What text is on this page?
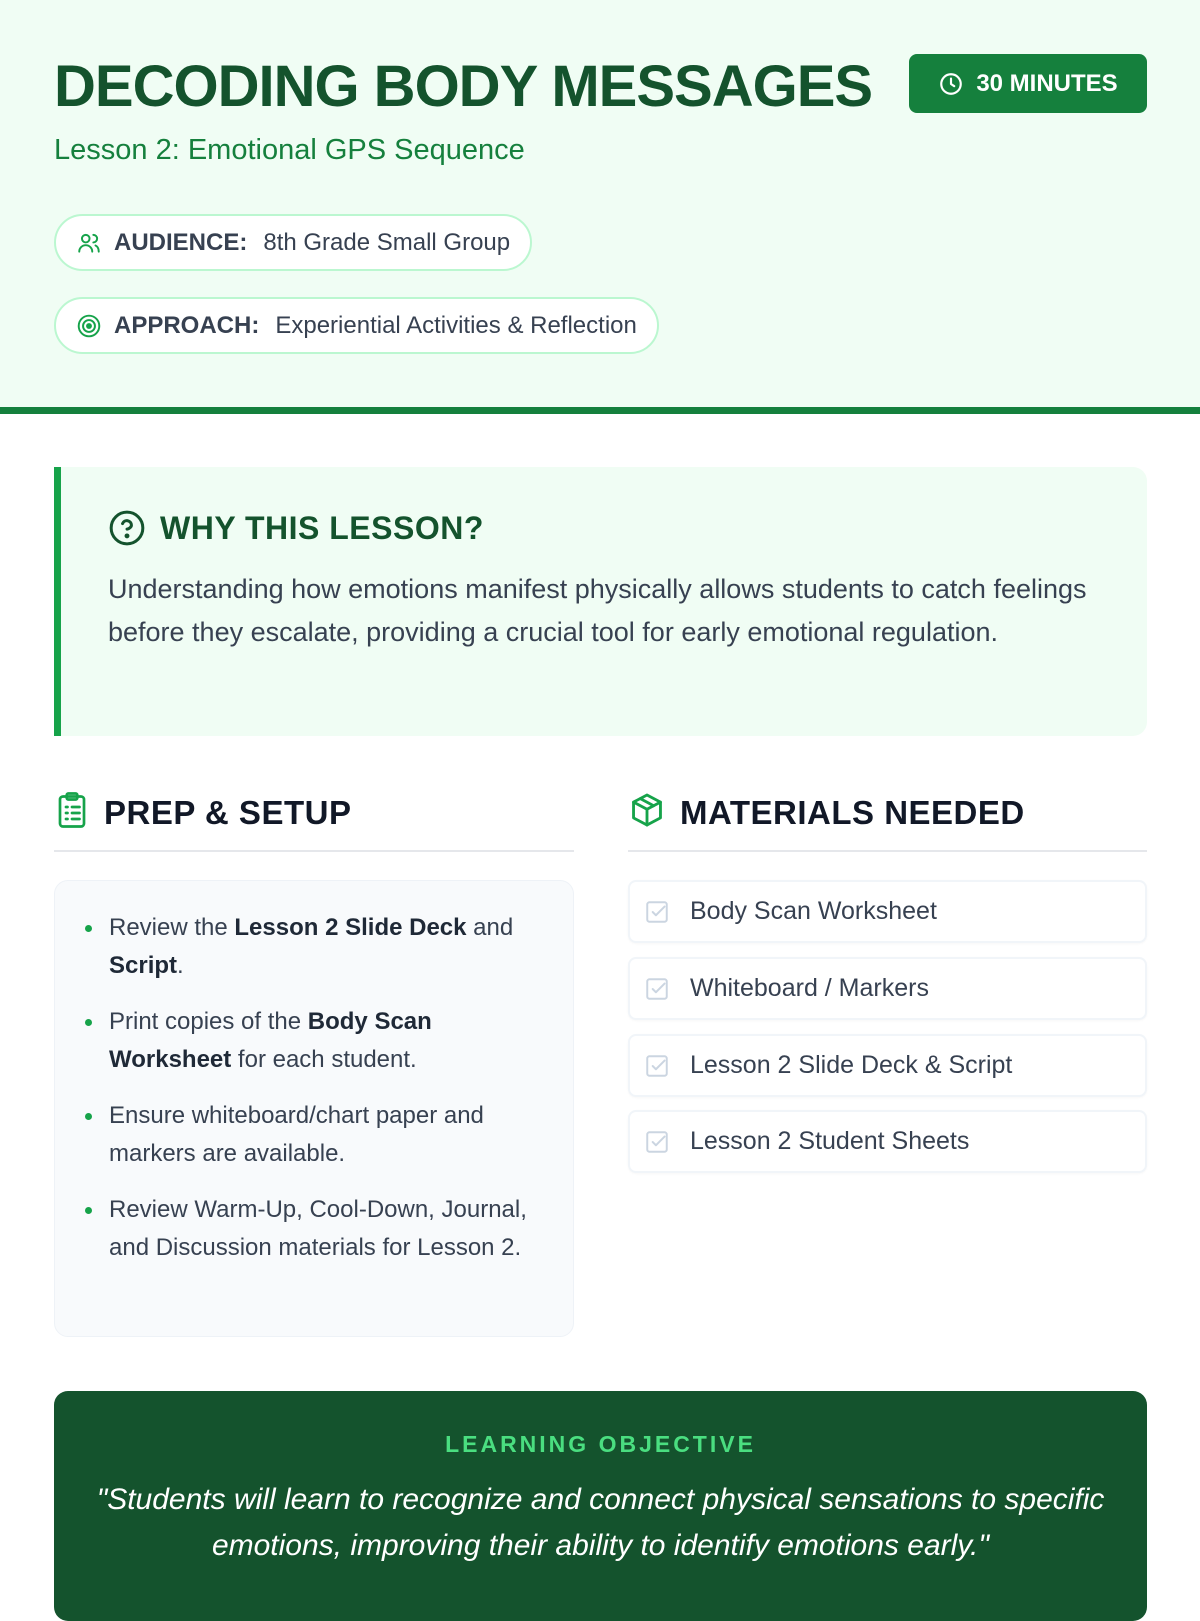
DECODING BODY MESSAGES
Lesson 2: Emotional GPS Sequence
30 MINUTES
AUDIENCE: 8th Grade Small Group
APPROACH: Experiential Activities & Reflection
WHY THIS LESSON?
Understanding how emotions manifest physically allows students to catch feelings before they escalate, providing a crucial tool for early emotional regulation.
PREP & SETUP
Review the Lesson 2 Slide Deck and Script.
Print copies of the Body Scan Worksheet for each student.
Ensure whiteboard/chart paper and markers are available.
Review Warm-Up, Cool-Down, Journal, and Discussion materials for Lesson 2.
MATERIALS NEEDED
Body Scan Worksheet
Whiteboard / Markers
Lesson 2 Slide Deck & Script
Lesson 2 Student Sheets
LEARNING OBJECTIVE
"Students will learn to recognize and connect physical sensations to specific emotions, improving their ability to identify emotions early."
